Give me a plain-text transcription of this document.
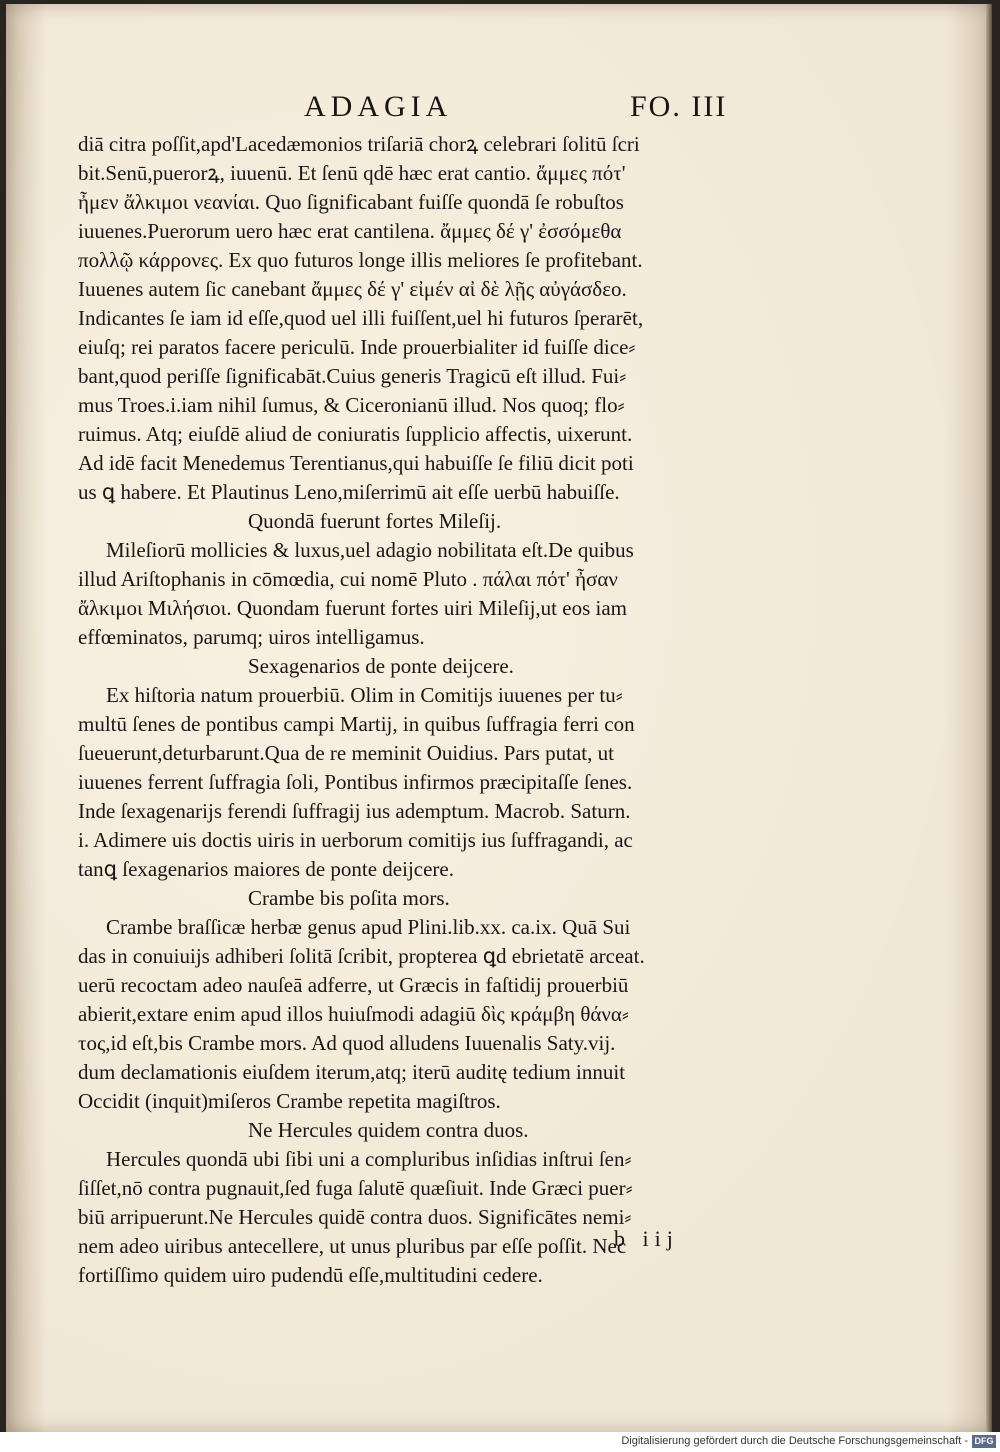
ADAGIA	FO. III
diā citra poſſit,apd'Lacedæmonios triſariā chorꝝ celebrari ſolitū ſcri
bit.Senū,puerorꝝ, iuuenū. Et ſenū qdē hæc erat cantio. ἄμμες πότ'
ἦμεν ἄλκιμοι νεανίαι. Quo ſignificabant fuiſſe quondā ſe robuſtos
iuuenes.Puerorum uero hæc erat cantilena. ἄμμες δέ γ' ἐσσόμεθα
πολλῷ κάρρονες. Ex quo futuros longe illis meliores ſe profitebant.
Iuuenes autem ſic canebant ἄμμες δέ γ' εἰμέν αἰ δὲ λῇς αὐγάσδεο.
Indicantes ſe iam id eſſe,quod uel illi fuiſſent,uel hi futuros ſperarēt,
eiuſq; rei paratos facere periculū. Inde prouerbialiter id fuiſſe dice⸗
bant,quod periſſe ſignificabāt.Cuius generis Tragicū eſt illud. Fui⸗
mus Troes.i.iam nihil ſumus, & Ciceronianū illud. Nos quoq; flo⸗
ruimus. Atq; eiuſdē aliud de coniuratis ſupplicio affectis, uixerunt.
Ad idē facit Menedemus Terentianus,qui habuiſſe ſe filiū dicit poti
us ꝗ habere. Et Plautinus Leno,miſerrimū ait eſſe uerbū habuiſſe.
Quondā fuerunt fortes Mileſij.
Mileſiorū mollicies & luxus,uel adagio nobilitata eſt.De quibus
illud Ariſtophanis in cōmœdia, cui nomē Pluto . πάλαι πότ' ἦσαν
ἄλκιμοι Μιλήσιοι. Quondam fuerunt fortes uiri Mileſij,ut eos iam
effœminatos, parumq; uiros intelligamus.
Sexagenarios de ponte deijcere.
Ex hiſtoria natum prouerbiū. Olim in Comitijs iuuenes per tu⸗
multū ſenes de pontibus campi Martij, in quibus ſuffragia ferri con
ſueuerunt,deturbarunt.Qua de re meminit Ouidius. Pars putat, ut
iuuenes ferrent ſuffragia ſoli, Pontibus infirmos præcipitaſſe ſenes.
Inde ſexagenarijs ferendi ſuffragij ius ademptum. Macrob. Saturn.
i. Adimere uis doctis uiris in uerborum comitijs ius ſuffragandi, ac
tanꝗ ſexagenarios maiores de ponte deijcere.
Crambe bis poſita mors.
Crambe braſſicæ herbæ genus apud Plini.lib.xx. ca.ix. Quā Sui
das in conuiuijs adhiberi ſolitā ſcribit, propterea ꝗd ebrietatē arceat.
uerū recoctam adeo nauſeā adferre, ut Græcis in faſtidij prouerbiū
abierit,extare enim apud illos huiuſmodi adagiū δὶς κράμβη θάνα⸗
τος,id eſt,bis Crambe mors. Ad quod alludens Iuuenalis Saty.vij.
dum declamationis eiuſdem iterum,atq; iterū auditę tedium innuit
Occidit (inquit)miſeros Crambe repetita magiſtros.
Ne Hercules quidem contra duos.
Hercules quondā ubi ſibi uni a compluribus inſidias inſtrui ſen⸗
ſiſſet,nō contra pugnauit,ſed fuga ſalutē quæſiuit. Inde Græci puer⸗
biū arripuerunt.Ne Hercules quidē contra duos. Significātes nemi⸗
nem adeo uiribus antecellere, ut unus pluribus par eſſe poſſit. Nec
fortiſſimo quidem uiro pudendū eſſe,multitudini cedere.
b iij
Digitalisierung gefördert durch die Deutsche Forschungsgemeinschaft - DFG
